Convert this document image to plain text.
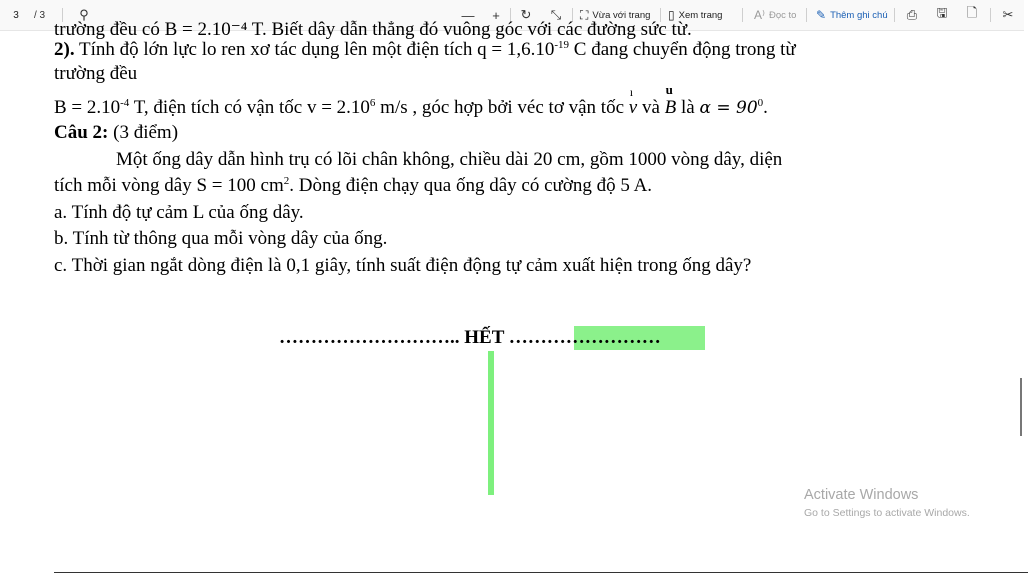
3	/ 3	⚲	— + ↻ ⤡ ⛶ Vừa với trang ▯ Xem trang	A⁾ Đọc to ✎ Thêm ghi chú ⎙ 🖫 🗋 ✂
trường đều có B = 2.10⁻⁴ T. Biết dây dẫn thẳng đó vuông góc với các đường sức từ.
2). Tính độ lớn lực lo ren xơ tác dụng lên một điện tích $q = 1,6.10^{-19}$ C đang chuyển động trong từ
trường đều
$B = 2.10^{-4}$ T, điện tích có vận tốc $v = 2.10^6$ m/s , góc hợp bởi véc tơ vận tốc ı v và u B là $\alpha = 90^0$.
Câu 2: (3 điểm)
Một ống dây dẫn hình trụ có lõi chân không, chiều dài 20 cm, gồm 1000 vòng dây, diện
tích mỗi vòng dây S = 100 $cm^2$. Dòng điện chạy qua ống dây có cường độ 5 A.
a. Tính độ tự cảm L của ống dây.
b. Tính từ thông qua mỗi vòng dây của ống.
c. Thời gian ngắt dòng điện là 0,1 giây, tính suất điện động tự cảm xuất hiện trong ống dây?
……………………….. HẾT ……………………
Activate Windows
Go to Settings to activate Windows.
